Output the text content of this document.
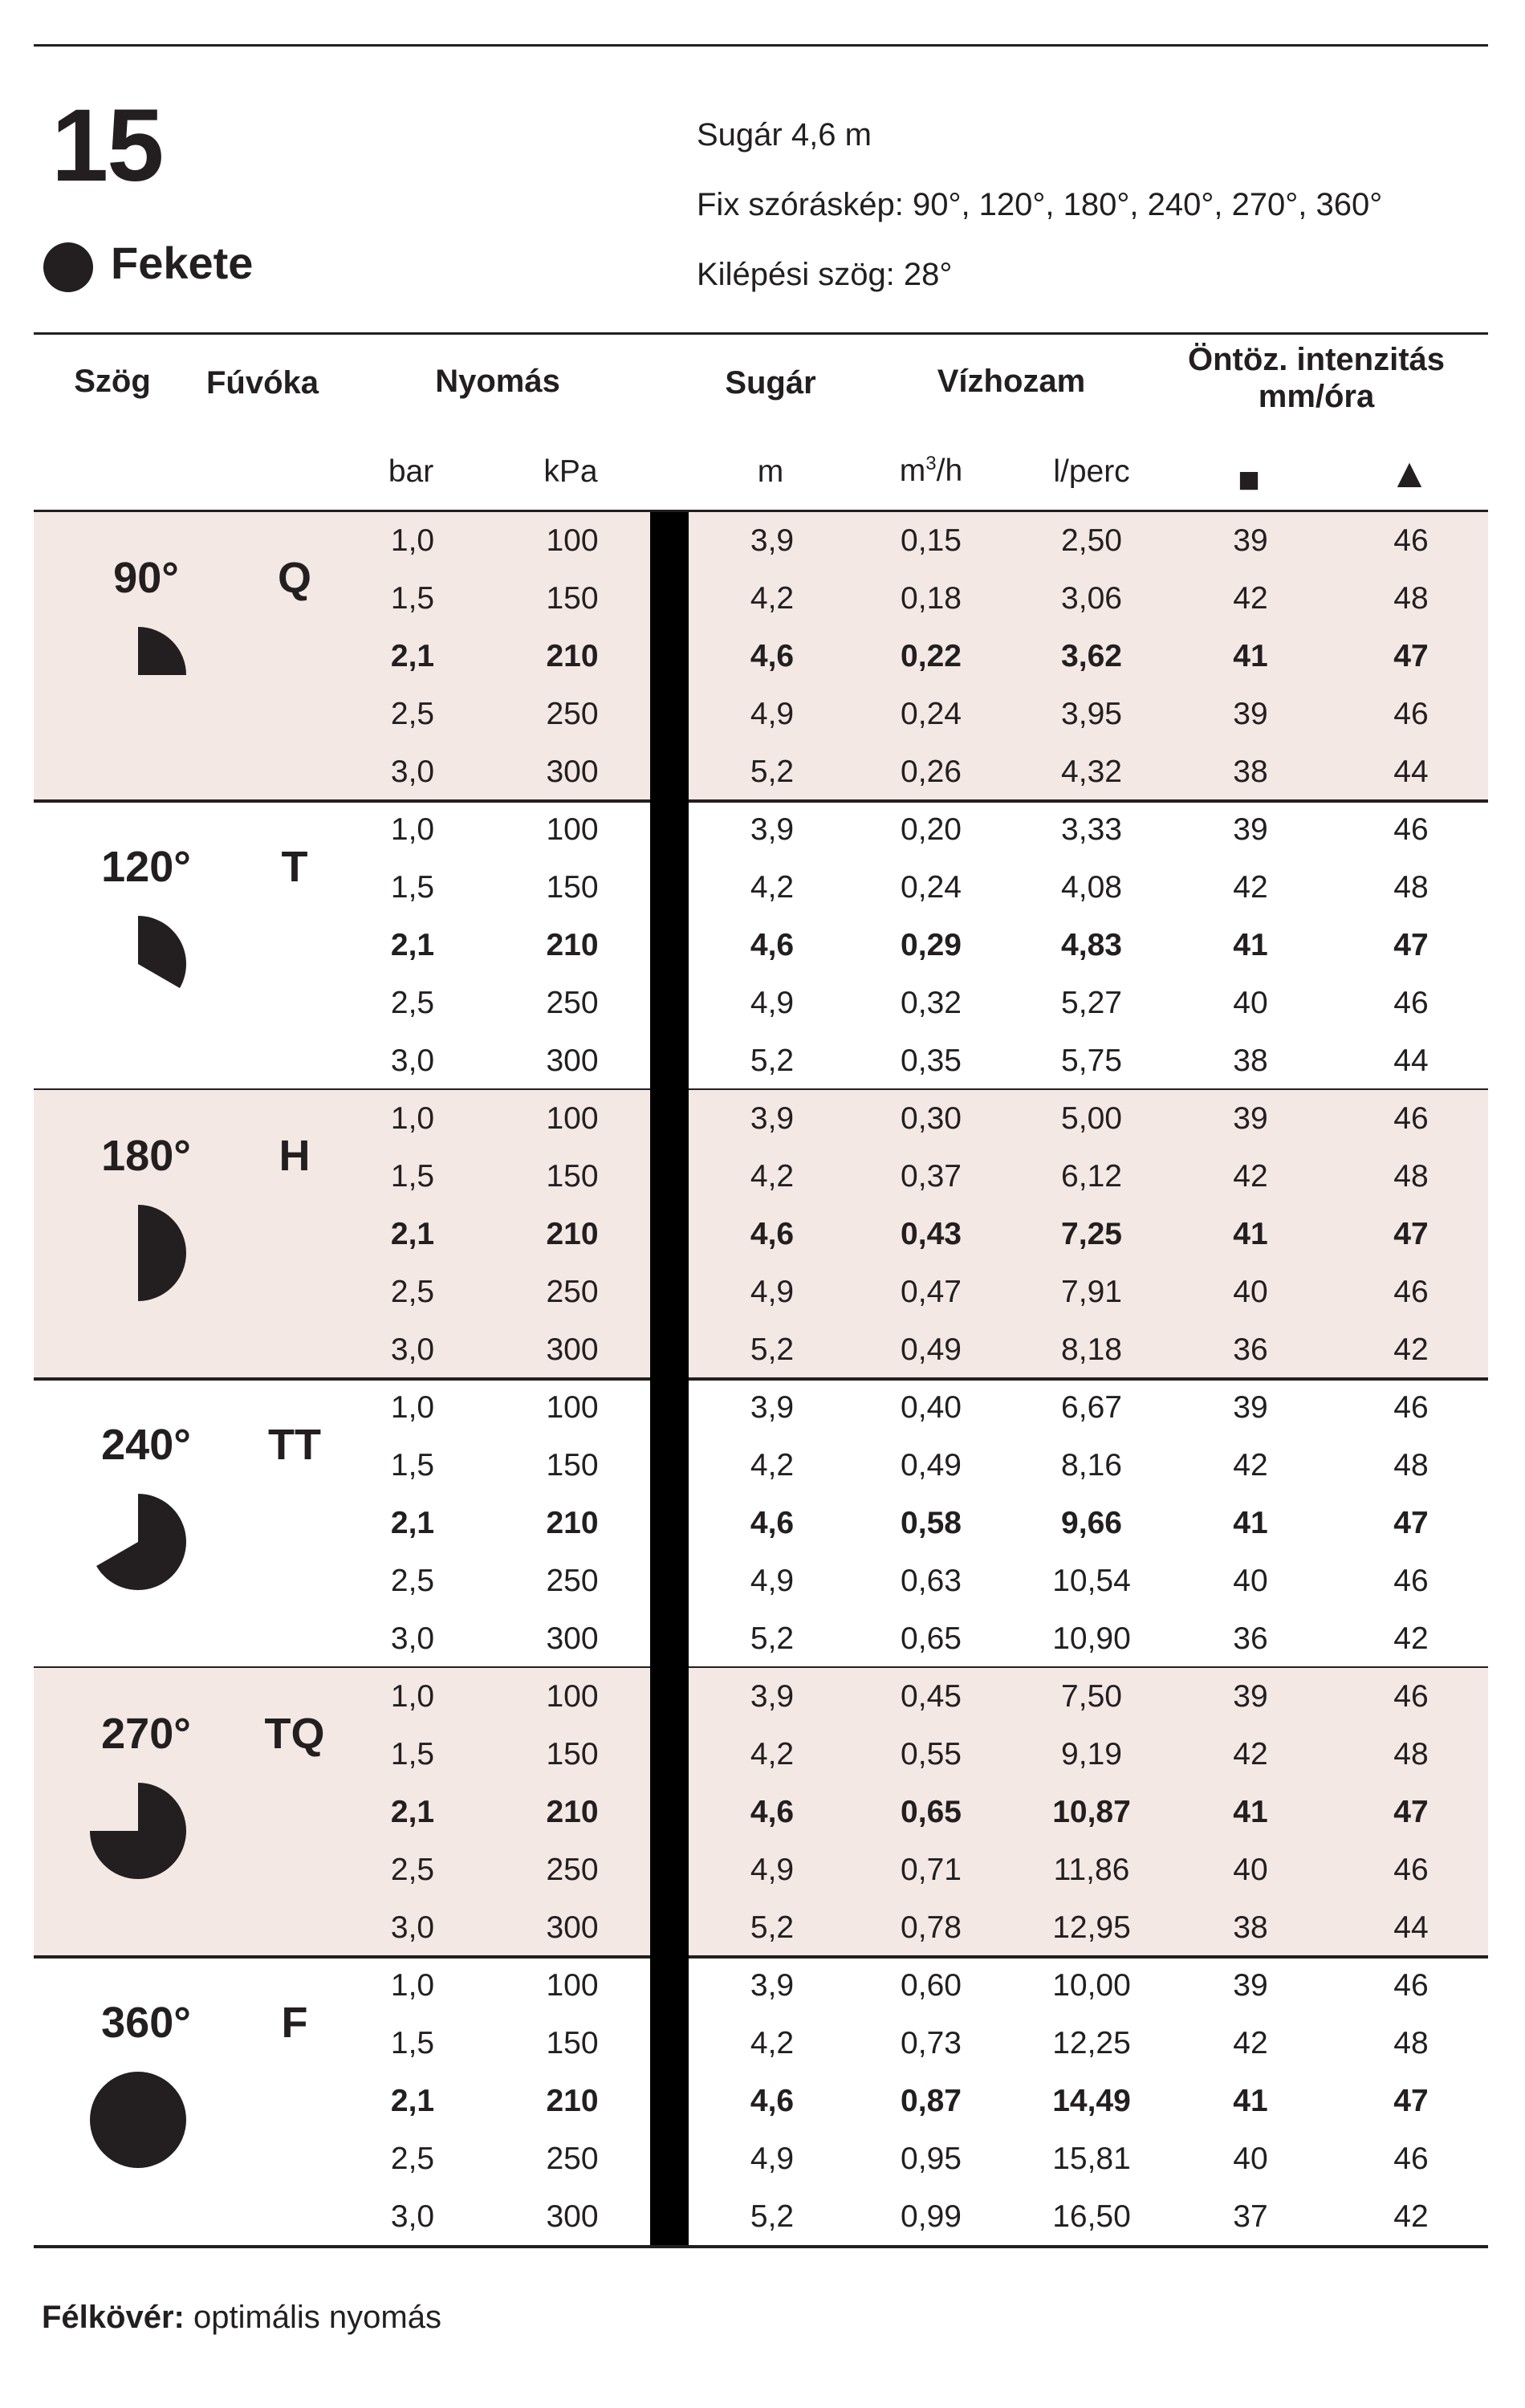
15
Fekete
Sugár 4,6 m
Fix szóráskép: 90°, 120°, 180°, 240°, 270°, 360°
Kilépési szög: 28°
Szög	Fúvóka	Nyomás	Sugár	Vízhozam
Öntöz. intenzitás
mm/óra
bar	kPa	m	$m^3/h$	l/perc	■	▲
90°	Q
1,0	100	3,9	0,15	2,50	39	46
1,5	150	4,2	0,18	3,06	42	48
2,1	210	4,6	0,22	3,62	41	47
2,5	250	4,9	0,24	3,95	39	46
3,0	300	5,2	0,26	4,32	38	44
120°	T
1,0	100	3,9	0,20	3,33	39	46
1,5	150	4,2	0,24	4,08	42	48
2,1	210	4,6	0,29	4,83	41	47
2,5	250	4,9	0,32	5,27	40	46
3,0	300	5,2	0,35	5,75	38	44
180°	H
1,0	100	3,9	0,30	5,00	39	46
1,5	150	4,2	0,37	6,12	42	48
2,1	210	4,6	0,43	7,25	41	47
2,5	250	4,9	0,47	7,91	40	46
3,0	300	5,2	0,49	8,18	36	42
240°	TT
1,0	100	3,9	0,40	6,67	39	46
1,5	150	4,2	0,49	8,16	42	48
2,1	210	4,6	0,58	9,66	41	47
2,5	250	4,9	0,63	10,54	40	46
3,0	300	5,2	0,65	10,90	36	42
270°	TQ
1,0	100	3,9	0,45	7,50	39	46
1,5	150	4,2	0,55	9,19	42	48
2,1	210	4,6	0,65	10,87	41	47
2,5	250	4,9	0,71	11,86	40	46
3,0	300	5,2	0,78	12,95	38	44
360°	F
1,0	100	3,9	0,60	10,00	39	46
1,5	150	4,2	0,73	12,25	42	48
2,1	210	4,6	0,87	14,49	41	47
2,5	250	4,9	0,95	15,81	40	46
3,0	300	5,2	0,99	16,50	37	42
Félkövér: optimális nyomás
